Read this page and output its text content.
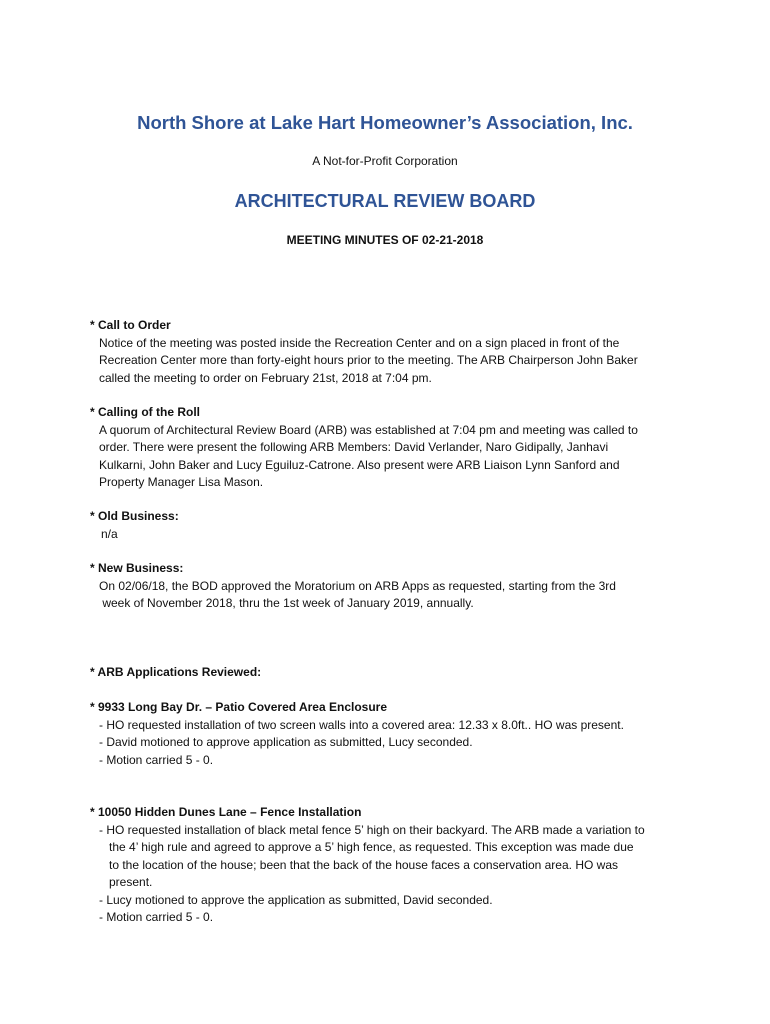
North Shore at Lake Hart Homeowner’s Association, Inc.
A Not-for-Profit Corporation
ARCHITECTURAL REVIEW BOARD
MEETING MINUTES OF 02-21-2018
* Call to Order
Notice of the meeting was posted inside the Recreation Center and on a sign placed in front of the
Recreation Center more than forty-eight hours prior to the meeting. The ARB Chairperson John Baker
called the meeting to order on February 21st, 2018 at 7:04 pm.
* Calling of the Roll
A quorum of Architectural Review Board (ARB) was established at 7:04 pm and meeting was called to
order. There were present the following ARB Members: David Verlander, Naro Gidipally, Janhavi
Kulkarni, John Baker and Lucy Eguiluz-Catrone. Also present were ARB Liaison Lynn Sanford and
Property Manager Lisa Mason.
* Old Business:
n/a
* New Business:
On 02/06/18, the BOD approved the Moratorium on ARB Apps as requested, starting from the 3rd
week of November 2018, thru the 1st week of January 2019, annually.
* ARB Applications Reviewed:
* 9933 Long Bay Dr. – Patio Covered Area Enclosure
- HO requested installation of two screen walls into a covered area: 12.33 x 8.0ft.. HO was present.
- David motioned to approve application as submitted, Lucy seconded.
- Motion carried 5 - 0.
* 10050 Hidden Dunes Lane – Fence Installation
- HO requested installation of black metal fence 5’ high on their backyard. The ARB made a variation to
the 4’ high rule and agreed to approve a 5’ high fence, as requested. This exception was made due
to the location of the house; been that the back of the house faces a conservation area. HO was
present.
- Lucy motioned to approve the application as submitted, David seconded.
- Motion carried 5 - 0.
